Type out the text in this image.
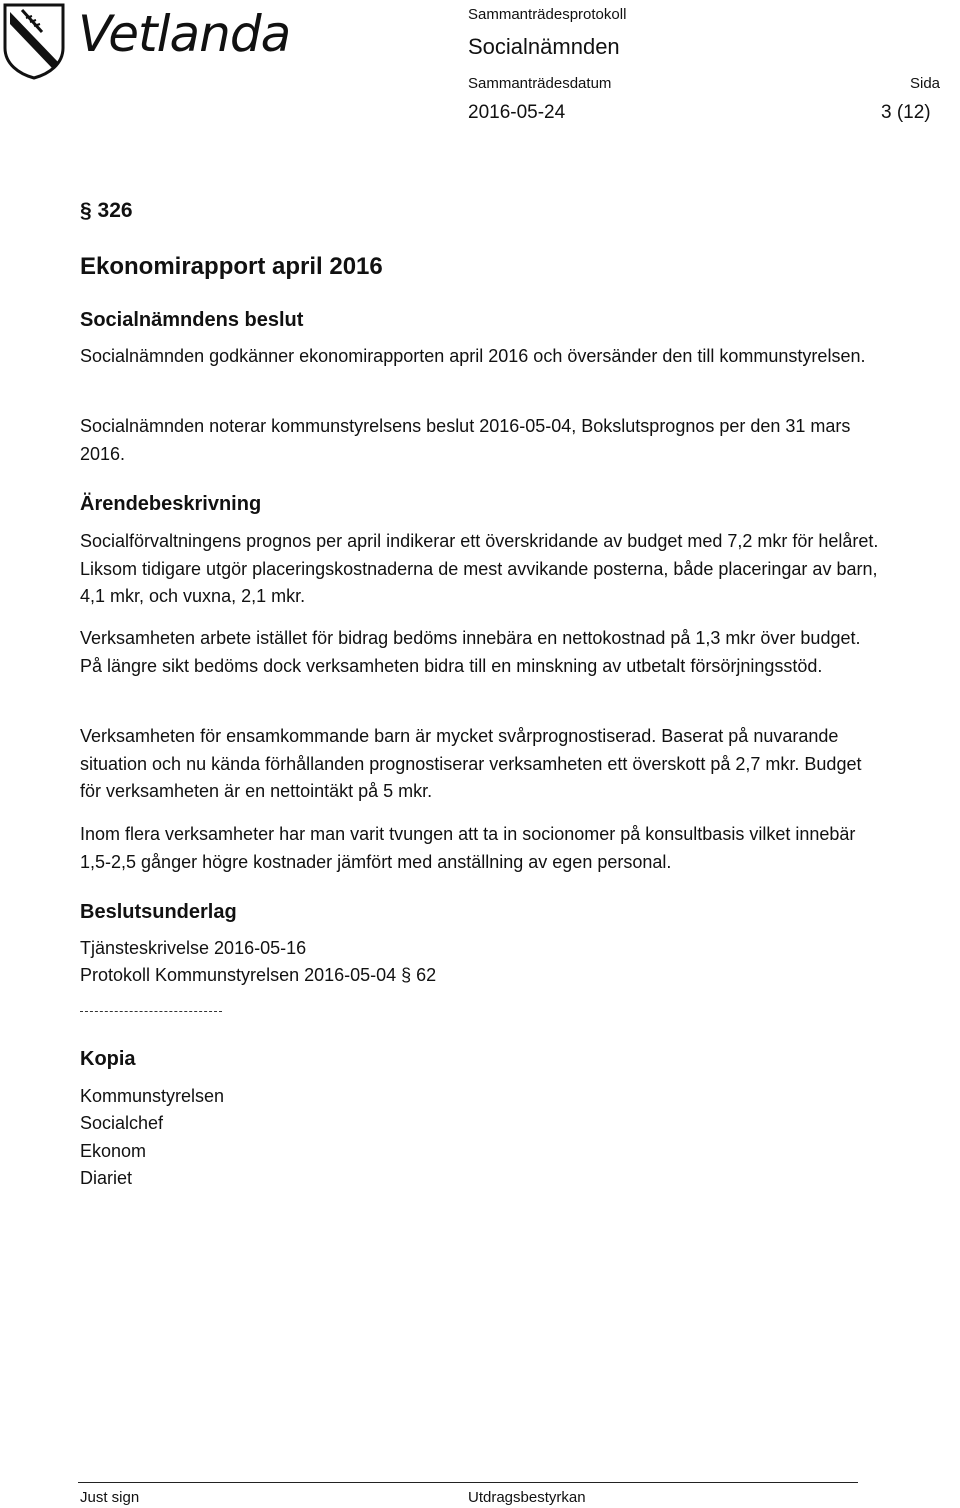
Vetlanda	Sammanträdesprotokoll
Socialnämnden
Sammanträdesdatum	Sida
2016-05-24	3 (12)
§ 326
Ekonomirapport april 2016
Socialnämndens beslut

Socialnämnden godkänner ekonomirapporten april 2016 och översänder den till kommunstyrelsen.

Socialnämnden noterar kommunstyrelsens beslut 2016-05-04, Bokslutsprognos per den 31 mars 2016.

Ärendebeskrivning

Socialförvaltningens prognos per april indikerar ett överskridande av budget med 7,2 mkr för helåret. Liksom tidigare utgör placeringskostnaderna de mest avvikande posterna, både placeringar av barn, 4,1 mkr, och vuxna, 2,1 mkr.

Verksamheten arbete istället för bidrag bedöms innebära en nettokostnad på 1,3 mkr över budget. På längre sikt bedöms dock verksamheten bidra till en minskning av utbetalt försörjningsstöd.

Verksamheten för ensamkommande barn är mycket svårprognostiserad. Baserat på nuvarande situation och nu kända förhållanden prognostiserar verksamheten ett överskott på 2,7 mkr. Budget för verksamheten är en nettointäkt på 5 mkr.

Inom flera verksamheter har man varit tvungen att ta in socionomer på konsultbasis vilket innebär 1,5-2,5 gånger högre kostnader jämfört med anställning av egen personal.

Beslutsunderlag
Tjänsteskrivelse 2016-05-16
Protokoll Kommunstyrelsen 2016-05-04 § 62
Kopia
Kommunstyrelsen
Socialchef
Ekonom
Diariet
Just sign	Utdragsbestyrkan
